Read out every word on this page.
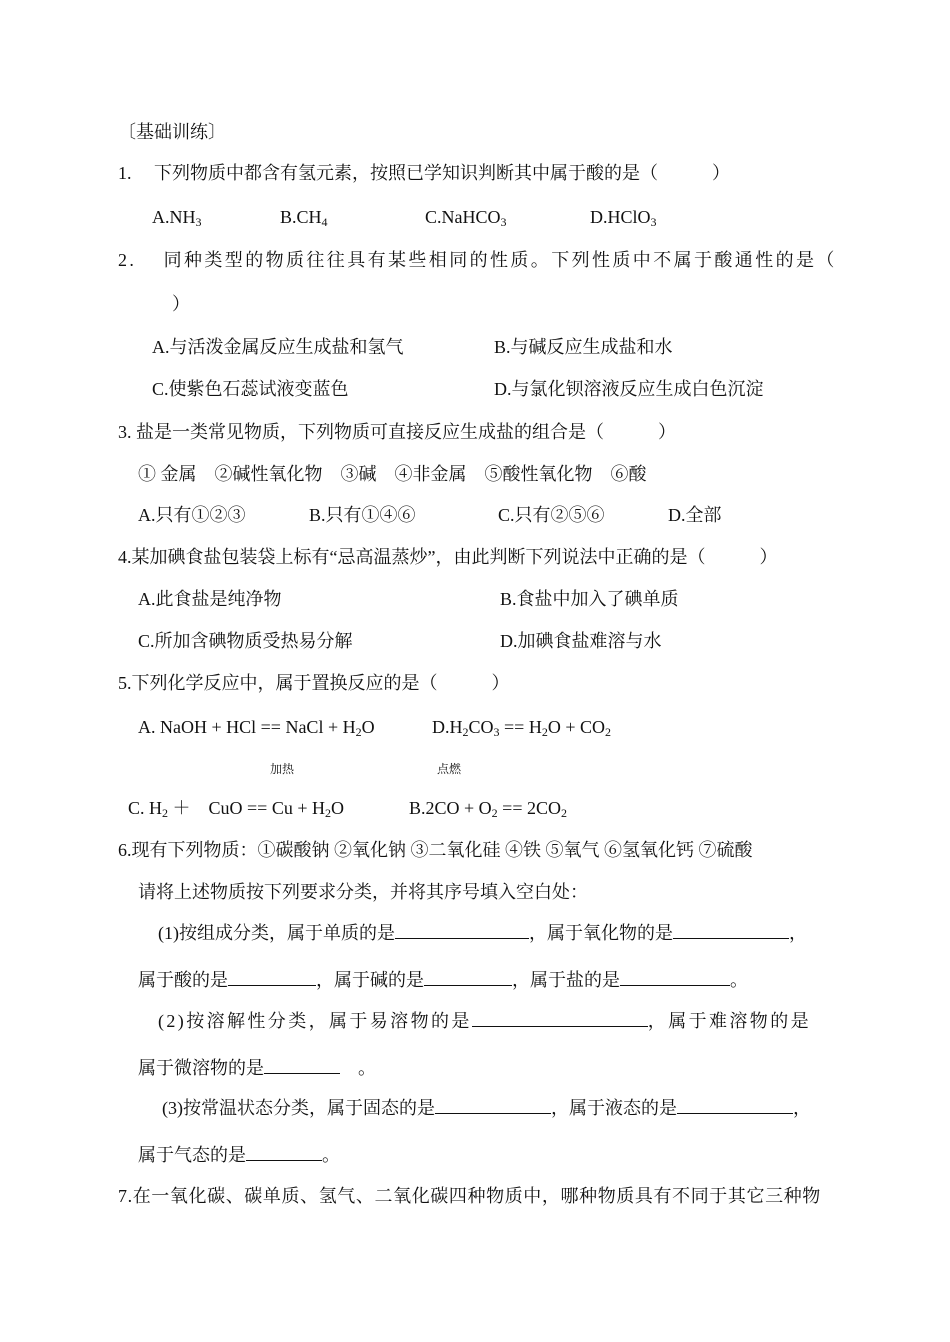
〔基础训练〕
1.　 下列物质中都含有氢元素，按照已学知识判断其中属于酸的是（　　　）
$A.NH_3$	$B.CH_4$	C.NaHCO$_3$	D.HClO$_3$
2.　 同种类型的物质往往具有某些相同的性质。下列性质中不属于酸通性的是（
）
A.与活泼金属反应生成盐和氢气	B.与碱反应生成盐和水
C.使紫色石蕊试液变蓝色	D.与氯化钡溶液反应生成白色沉淀
3. 盐是一类常见物质，下列物质可直接反应生成盐的组合是（　　　）
① 金属　②碱性氧化物　③碱　④非金属　⑤酸性氧化物　⑥酸
A.只有①②③	B.只有①④⑥	C.只有②⑤⑥	D.全部
4.某加碘食盐包装袋上标有“忌高温蒸炒”，由此判断下列说法中正确的是（　　　）
A.此食盐是纯净物	B.食盐中加入了碘单质
C.所加含碘物质受热易分解	D.加碘食盐难溶与水
5.下列化学反应中，属于置换反应的是（　　　）
A. NaOH + HCl == NaCl + $H_2O$	$D.H_2CO_3 == H_2O + CO_2$
加热	点燃
C. $H_2$ ＋　CuO == $Cu + H_2O$	$B.2CO + O_2 == 2CO_2$
6.现有下列物质：①碳酸钠 ②氧化钠 ③二氧化硅 ④铁 ⑤氧气 ⑥氢氧化钙 ⑦硫酸
请将上述物质按下列要求分类，并将其序号填入空白处：
(1)按组成分类，属于单质的是	，属于氧化物的是	，
属于酸的是	，属于碱的是	，属于盐的是	。
(2)按溶解性分类，属于易溶物的是	，属于难溶物的是
属于微溶物的是	。
(3)按常温状态分类，属于固态的是	，属于液态的是	，
属于气态的是	。
7.在一氧化碳、碳单质、氢气、二氧化碳四种物质中，哪种物质具有不同于其它三种物
